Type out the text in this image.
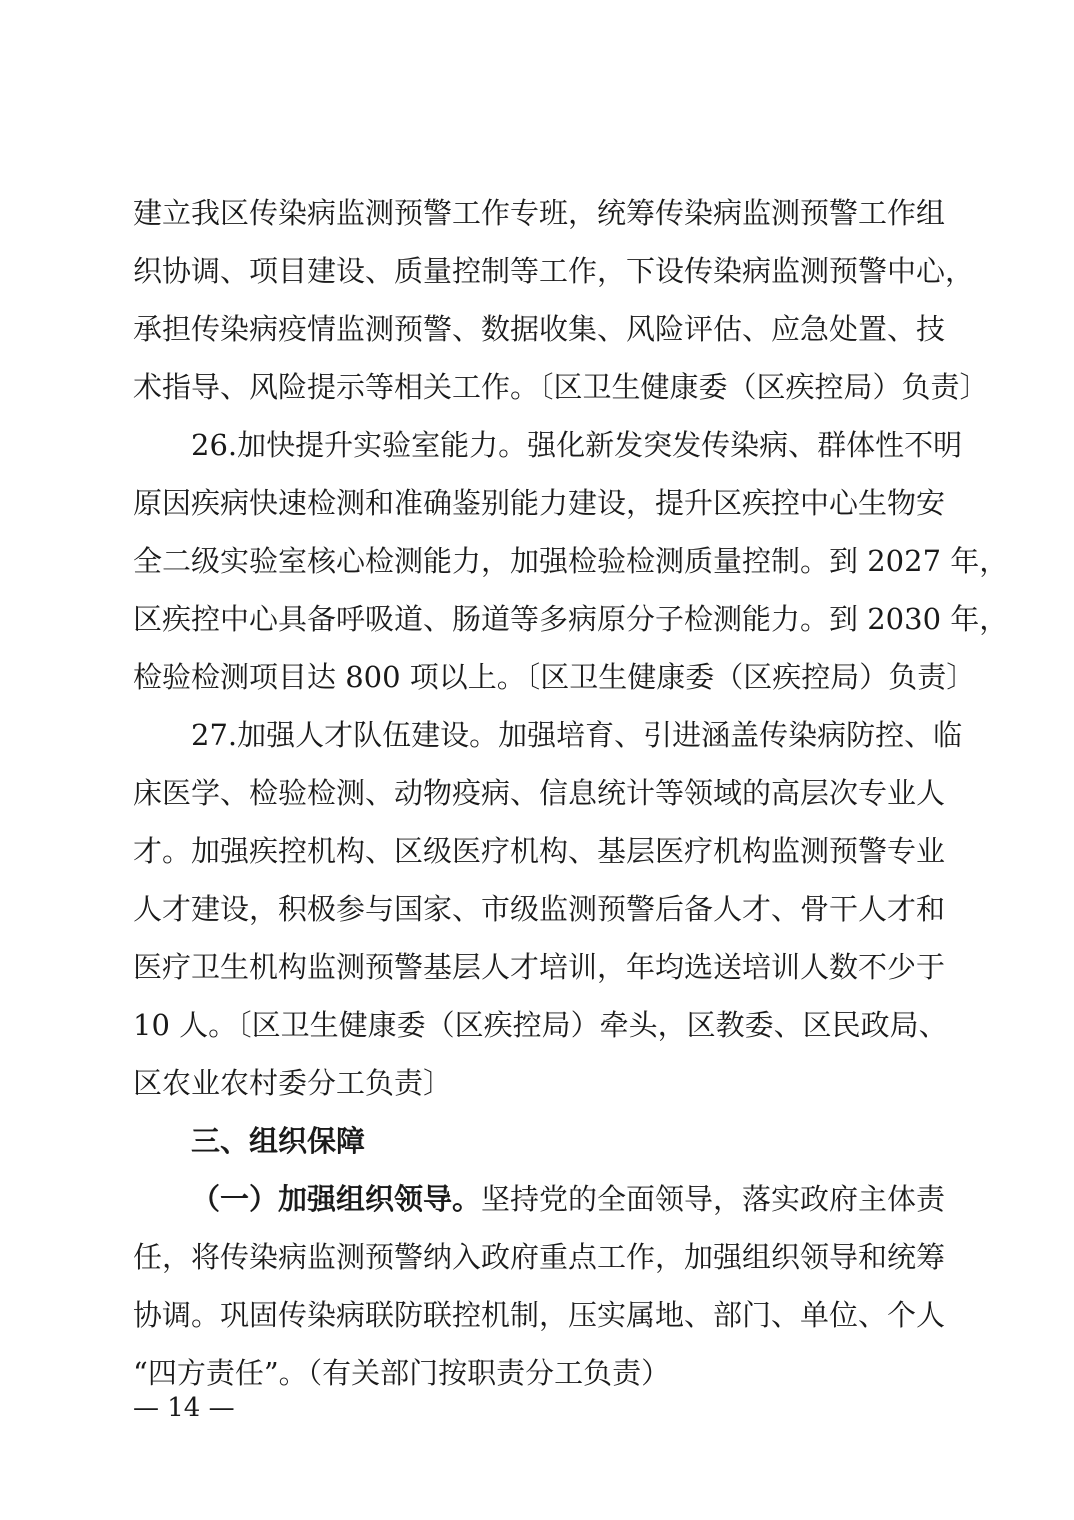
建立我区传染病监测预警工作专班，统筹传染病监测预警工作组
织协调、项目建设、质量控制等工作，下设传染病监测预警中心，
承担传染病疫情监测预警、数据收集、风险评估、应急处置、技
术指导、风险提示等相关工作。〔区卫生健康委（区疾控局）负责〕
26.加快提升实验室能力。强化新发突发传染病、群体性不明
原因疾病快速检测和准确鉴别能力建设，提升区疾控中心生物安
全二级实验室核心检测能力，加强检验检测质量控制。到 2027 年，
区疾控中心具备呼吸道、肠道等多病原分子检测能力。到 2030 年，
检验检测项目达 800 项以上。〔区卫生健康委（区疾控局）负责〕
27.加强人才队伍建设。加强培育、引进涵盖传染病防控、临
床医学、检验检测、动物疫病、信息统计等领域的高层次专业人
才。加强疾控机构、区级医疗机构、基层医疗机构监测预警专业
人才建设，积极参与国家、市级监测预警后备人才、骨干人才和
医疗卫生机构监测预警基层人才培训，年均选送培训人数不少于
10 人。〔区卫生健康委（区疾控局）牵头，区教委、区民政局、
区农业农村委分工负责〕
三、组织保障
（一）加强组织领导。坚持党的全面领导，落实政府主体责
任，将传染病监测预警纳入政府重点工作，加强组织领导和统筹
协调。巩固传染病联防联控机制，压实属地、部门、单位、个人
“四方责任”。（有关部门按职责分工负责）
— 14 —
